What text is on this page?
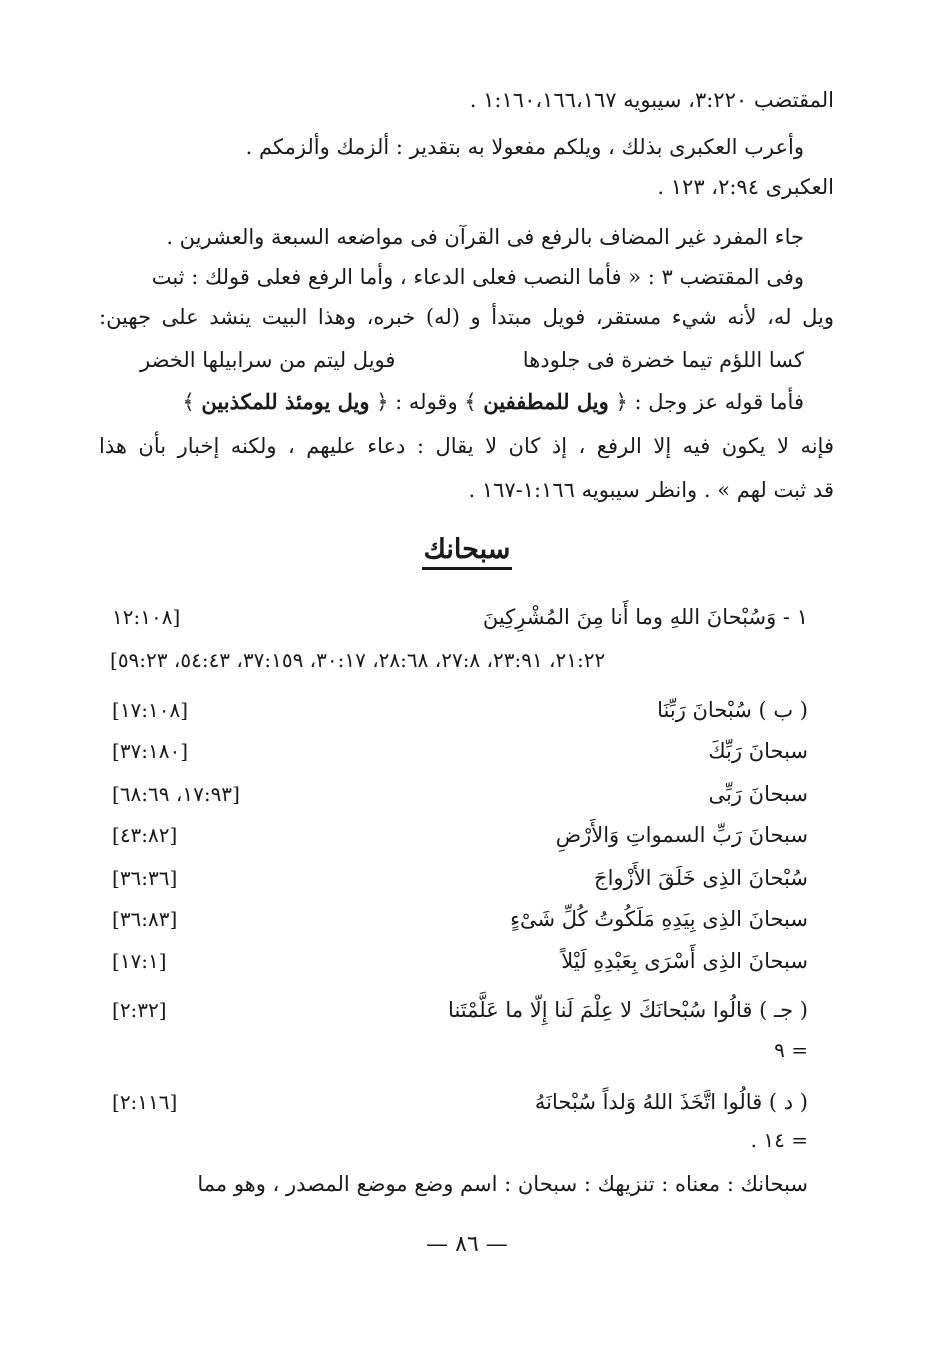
المقتضب ٣:٢٢٠، سيبويه ١:١٦٠،١٦٦،١٦٧ .
وأعرب العكبرى بذلك ، ويلكم مفعولا به بتقدير : ألزمك وألزمكم .
العكبرى ٢:٩٤، ١٢٣ .
جاء المفرد غير المضاف بالرفع فى القرآن فى مواضعه السبعة والعشرين .
وفى المقتضب ٣ : « فأما النصب فعلى الدعاء ، وأما الرفع فعلى قولك : ثبت
ويل له، لأنه شيء مستقر، فويل مبتدأ و (له) خبره، وهذا البيت ينشد على جهين:
كسا اللؤم تيما خضرة فى جلودها
فويل ليتم من سرابيلها الخضر
فأما قوله عز وجل : ﴿ ويل للمطففين ﴾ وقوله : ﴿ ويل يومئذ للمكذبين ﴾
فإنه لا يكون فيه إلا الرفع ، إذ كان لا يقال : دعاء عليهم ، ولكنه إخبار بأن هذا
قد ثبت لهم » . وانظر سيبويه ١:١٦٦-١٦٧ .
سبحانك
١ - وَسُبْحانَ اللهِ وما أَنا مِنَ المُشْرِكِينَ
[١٢:١٠٨
٢١:٢٢، ٢٣:٩١، ٢٧:٨، ٢٨:٦٨، ٣٠:١٧، ٣٧:١٥٩، ٥٤:٤٣، ٥٩:٢٣]
( ب ) سُبْحانَ رَبِّنَا
[١٧:١٠٨]
سبحانَ رَبِّكَ
[٣٧:١٨٠]
سبحانَ رَبِّى
[١٧:٩٣، ٦٨:٦٩]
سبحانَ رَبِّ السمواتِ وَالأَرْضِ
[٤٣:٨٢]
سُبْحانَ الذِى خَلَقَ الأَزْواجَ
[٣٦:٣٦]
سبحانَ الذِى بِيَدِهِ مَلَكُوتُ كُلِّ شَىْءٍ
[٣٦:٨٣]
سبحانَ الذِى أَسْرَى بِعَبْدِهِ لَيْلاً
[١٧:١]
( جـ ) قالُوا سُبْحانَكَ لا عِلْمَ لَنا إِلّا ما عَلَّمْتَنا
[٢:٣٢]
= ٩
( د ) قالُوا اتَّخَذَ اللهُ وَلداً سُبْحانَهُ
[٢:١١٦]
= ١٤ .
سبحانك : معناه : تنزيهك : سبحان : اسم وضع موضع المصدر ، وهو مما
— ٨٦ —
